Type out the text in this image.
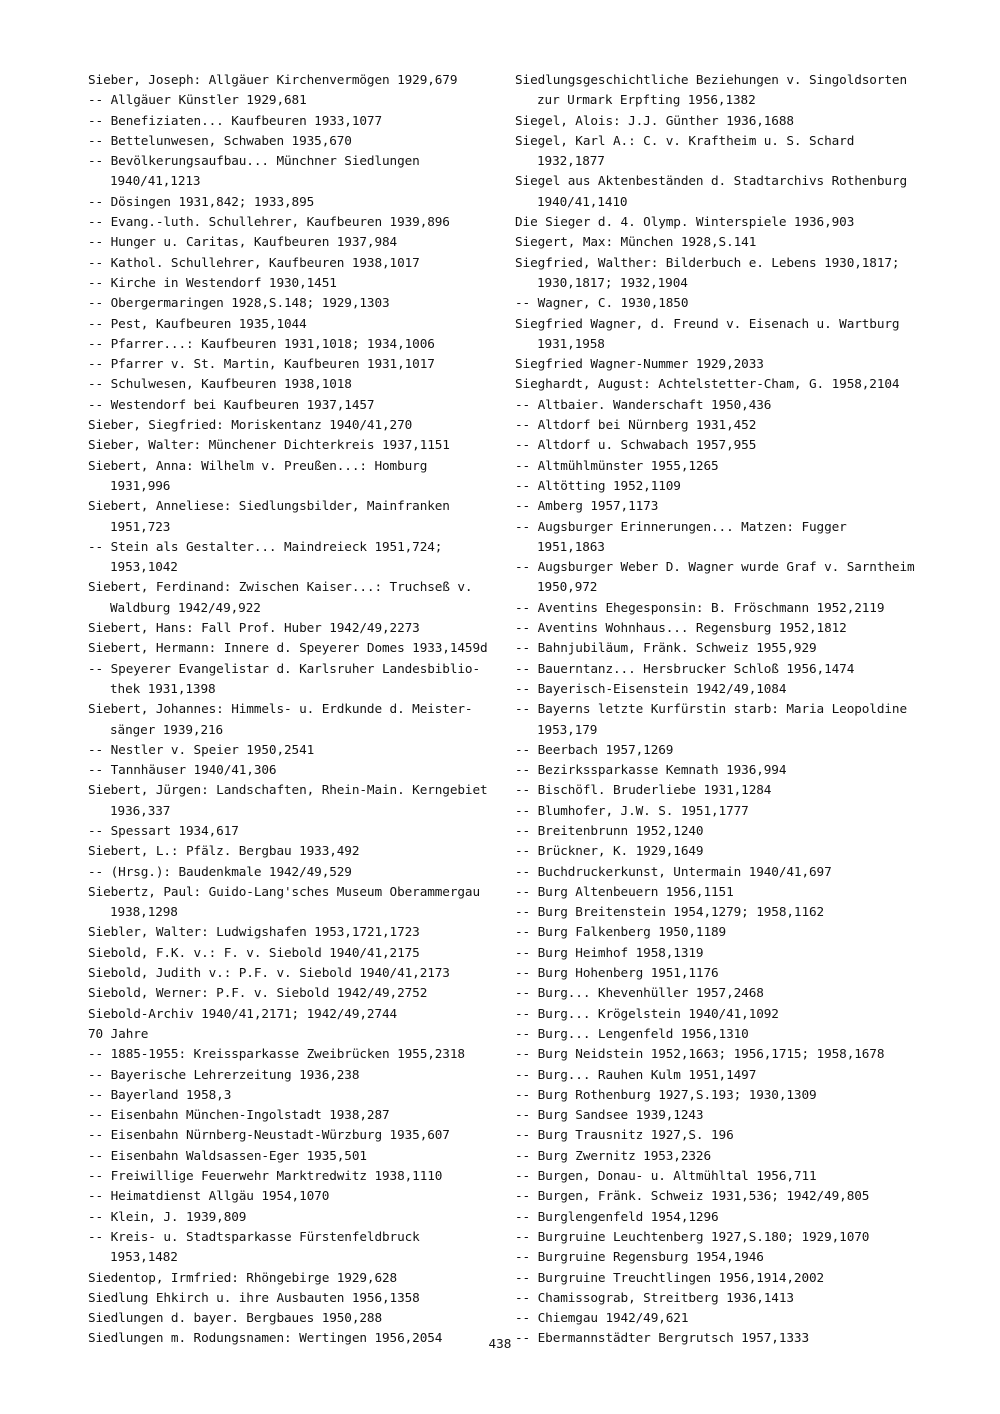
Sieber, Joseph: Allgäuer Kirchenvermögen 1929,679
-- Allgäuer Künstler 1929,681
-- Benefiziaten... Kaufbeuren 1933,1077
-- Bettelunwesen, Schwaben 1935,670
-- Bevölkerungsaufbau... Münchner Siedlungen 1940/41,1213
-- Dösingen 1931,842; 1933,895
-- Evang.-luth. Schullehrer, Kaufbeuren 1939,896
-- Hunger u. Caritas, Kaufbeuren 1937,984
-- Kathol. Schullehrer, Kaufbeuren 1938,1017
-- Kirche in Westendorf 1930,1451
-- Obergermaringen 1928,S.148; 1929,1303
-- Pest, Kaufbeuren 1935,1044
-- Pfarrer...: Kaufbeuren 1931,1018; 1934,1006
-- Pfarrer v. St. Martin, Kaufbeuren 1931,1017
-- Schulwesen, Kaufbeuren 1938,1018
-- Westendorf bei Kaufbeuren 1937,1457
Sieber, Siegfried: Moriskentanz 1940/41,270
Sieber, Walter: Münchener Dichterkreis 1937,1151
Siebert, Anna: Wilhelm v. Preußen...: Homburg 1931,996
Siebert, Anneliese: Siedlungsbilder, Mainfranken 1951,723
-- Stein als Gestalter... Maindreieck 1951,724; 1953,1042
Siebert, Ferdinand: Zwischen Kaiser...: Truchseß v. Waldburg 1942/49,922
Siebert, Hans: Fall Prof. Huber 1942/49,2273
Siebert, Hermann: Innere d. Speyerer Domes 1933,1459d
-- Speyerer Evangelistar d. Karlsruher Landesbiblio-thek 1931,1398
Siebert, Johannes: Himmels- u. Erdkunde d. Meister-sänger 1939,216
-- Nestler v. Speier 1950,2541
-- Tannhäuser 1940/41,306
Siebert, Jürgen: Landschaften, Rhein-Main. Kerngebiet 1936,337
-- Spessart 1934,617
Siebert, L.: Pfälz. Bergbau 1933,492
-- (Hrsg.): Baudenkmale 1942/49,529
Siebertz, Paul: Guido-Lang'sches Museum Oberammergau 1938,1298
Siebler, Walter: Ludwigshafen 1953,1721,1723
Siebold, F.K. v.: F. v. Siebold 1940/41,2175
Siebold, Judith v.: P.F. v. Siebold 1940/41,2173
Siebold, Werner: P.F. v. Siebold 1942/49,2752
Siebold-Archiv 1940/41,2171; 1942/49,2744
70 Jahre
-- 1885-1955: Kreissparkasse Zweibrücken 1955,2318
-- Bayerische Lehrerzeitung 1936,238
-- Bayerland 1958,3
-- Eisenbahn München-Ingolstadt 1938,287
-- Eisenbahn Nürnberg-Neustadt-Würzburg 1935,607
-- Eisenbahn Waldsassen-Eger 1935,501
-- Freiwillige Feuerwehr Marktredwitz 1938,1110
-- Heimatdienst Allgäu 1954,1070
-- Klein, J. 1939,809
-- Kreis- u. Stadtsparkasse Fürstenfeldbruck 1953,1482
Siedentop, Irmfried: Rhöngebirge 1929,628
Siedlung Ehkirch u. ihre Ausbauten 1956,1358
Siedlungen d. bayer. Bergbaues 1950,288
Siedlungen m. Rodungsnamen: Wertingen 1956,2054
Siedlungsgeschichtliche Beziehungen v. Singoldsorten zur Urmark Erpfting 1956,1382
Siegel, Alois: J.J. Günther 1936,1688
Siegel, Karl A.: C. v. Kraftheim u. S. Schard 1932,1877
Siegel aus Aktenbeständen d. Stadtarchivs Rothenburg 1940/41,1410
Die Sieger d. 4. Olymp. Winterspiele 1936,903
Siegert, Max: München 1928,S.141
Siegfried, Walther: Bilderbuch e. Lebens 1930,1817; 1930,1817; 1932,1904
-- Wagner, C. 1930,1850
Siegfried Wagner, d. Freund v. Eisenach u. Wartburg 1931,1958
Siegfried Wagner-Nummer 1929,2033
Sieghardt, August: Achtelstetter-Cham, G. 1958,2104
-- Altbaier. Wanderschaft 1950,436
-- Altdorf bei Nürnberg 1931,452
-- Altdorf u. Schwabach 1957,955
-- Altmühlmünster 1955,1265
-- Altötting 1952,1109
-- Amberg 1957,1173
-- Augsburger Erinnerungen... Matzen: Fugger 1951,1863
-- Augsburger Weber D. Wagner wurde Graf v. Sarntheim 1950,972
-- Aventins Ehegesponsin: B. Fröschmann 1952,2119
-- Aventins Wohnhaus... Regensburg 1952,1812
-- Bahnjubiläum, Fränk. Schweiz 1955,929
-- Bauerntanz... Hersbrucker Schloß 1956,1474
-- Bayerisch-Eisenstein 1942/49,1084
-- Bayerns letzte Kurfürstin starb: Maria Leopoldine 1953,179
-- Beerbach 1957,1269
-- Bezirkssparkasse Kemnath 1936,994
-- Bischöfl. Bruderliebe 1931,1284
-- Blumhofer, J.W. S. 1951,1777
-- Breitenbrunn 1952,1240
-- Brückner, K. 1929,1649
-- Buchdruckerkunst, Untermain 1940/41,697
-- Burg Altenbeuern 1956,1151
-- Burg Breitenstein 1954,1279; 1958,1162
-- Burg Falkenberg 1950,1189
-- Burg Heimhof 1958,1319
-- Burg Hohenberg 1951,1176
-- Burg... Khevenhüller 1957,2468
-- Burg... Krögelstein 1940/41,1092
-- Burg... Lengenfeld 1956,1310
-- Burg Neidstein 1952,1663; 1956,1715; 1958,1678
-- Burg... Rauhen Kulm 1951,1497
-- Burg Rothenburg 1927,S.193; 1930,1309
-- Burg Sandsee 1939,1243
-- Burg Trausnitz 1927,S. 196
-- Burg Zwernitz 1953,2326
-- Burgen, Donau- u. Altmühltal 1956,711
-- Burgen, Fränk. Schweiz 1931,536; 1942/49,805
-- Burglengenfeld 1954,1296
-- Burgruine Leuchtenberg 1927,S.180; 1929,1070
-- Burgruine Regensburg 1954,1946
-- Burgruine Treuchtlingen 1956,1914,2002
-- Chamissograb, Streitberg 1936,1413
-- Chiemgau 1942/49,621
-- Ebermannstädter Bergrutsch 1957,1333
438
